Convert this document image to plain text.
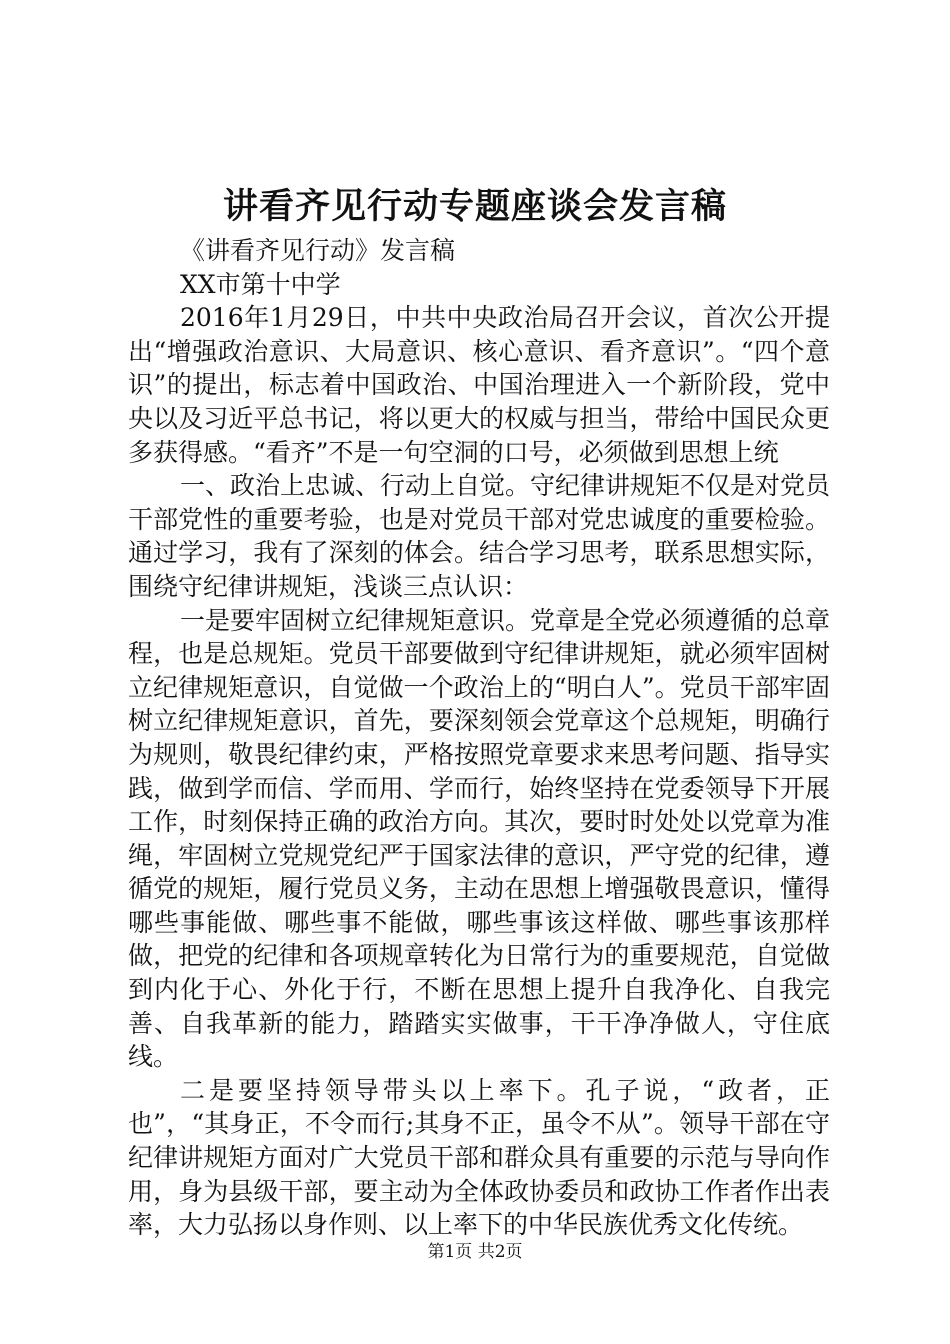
讲看齐见行动专题座谈会发言稿

《讲看齐见行动》发言稿

XX市第十中学

2016年1月29日，中共中央政治局召开会议，首次公开提出“增强政治意识、大局意识、核心意识、看齐意识”。“四个意识”的提出，标志着中国政治、中国治理进入一个新阶段，党中央以及习近平总书记，将以更大的权威与担当，带给中国民众更多获得感。“看齐”不是一句空洞的口号，必须做到思想上统

一、政治上忠诚、行动上自觉。守纪律讲规矩不仅是对党员干部党性的重要考验，也是对党员干部对党忠诚度的重要检验。通过学习，我有了深刻的体会。结合学习思考，联系思想实际，围绕守纪律讲规矩，浅谈三点认识：

一是要牢固树立纪律规矩意识。党章是全党必须遵循的总章程，也是总规矩。党员干部要做到守纪律讲规矩，就必须牢固树立纪律规矩意识，自觉做一个政治上的“明白人”。党员干部牢固树立纪律规矩意识，首先，要深刻领会党章这个总规矩，明确行为规则，敬畏纪律约束，严格按照党章要求来思考问题、指导实践，做到学而信、学而用、学而行，始终坚持在党委领导下开展工作，时刻保持正确的政治方向。其次，要时时处处以党章为准绳，牢固树立党规党纪严于国家法律的意识，严守党的纪律，遵循党的规矩，履行党员义务，主动在思想上增强敬畏意识，懂得哪些事能做、哪些事不能做，哪些事该这样做、哪些事该那样做，把党的纪律和各项规章转化为日常行为的重要规范，自觉做到内化于心、外化于行，不断在思想上提升自我净化、自我完善、自我革新的能力，踏踏实实做事，干干净净做人，守住底线。

二是要坚持领导带头以上率下。孔子说，“政者，正也”，“其身正，不令而行;其身不正，虽令不从”。领导干部在守纪律讲规矩方面对广大党员干部和群众具有重要的示范与导向作用，身为县级干部，要主动为全体政协委员和政协工作者作出表率，大力弘扬以身作则、以上率下的中华民族优秀文化传统。

第1页 共2页
